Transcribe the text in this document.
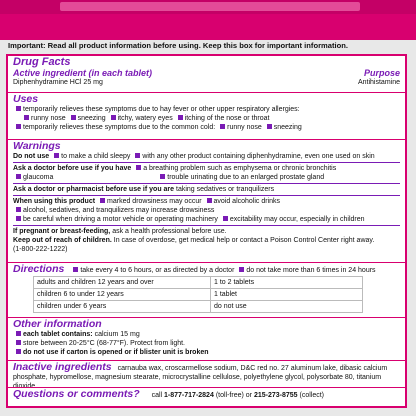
Important: Read all product information before using. Keep this box for important information.
Drug Facts
Active ingredient (in each tablet)	Purpose
Diphenhydramine HCl 25 mg	Antihistamine
Uses
temporarily relieves these symptoms due to hay fever or other upper respiratory allergies:
runny nose sneezing itchy, watery eyes itching of the nose or throat
temporarily relieves these symptoms due to the common cold: runny nose sneezing
Warnings
Do not use to make a child sleepy with any other product containing diphenhydramine, even one used on skin
Ask a doctor before use if you have a breathing problem such as emphysema or chronic bronchitis
glaucoma	trouble urinating due to an enlarged prostate gland
Ask a doctor or pharmacist before use if you are taking sedatives or tranquilizers
When using this product marked drowsiness may occur avoid alcoholic drinks
alcohol, sedatives, and tranquilizers may increase drowsiness
be careful when driving a motor vehicle or operating machinery excitability may occur, especially in children
If pregnant or breast-feeding, ask a health professional before use.
Keep out of reach of children. In case of overdose, get medical help or contact a Poison Control Center right away.
(1-800-222-1222)
Directions take every 4 to 6 hours, or as directed by a doctor do not take more than 6 times in 24 hours
adults and children 12 years and over	1 to 2 tablets
children 6 to under 12 years	1 tablet
children under 6 years	do not use
Other information
each tablet contains: calcium 15 mg
store between 20-25°C (68-77°F). Protect from light.
do not use if carton is opened or if blister unit is broken
Inactive ingredients carnauba wax, croscarmellose sodium, D&C red no. 27 aluminum lake, dibasic calcium
phosphate, hypromellose, magnesium stearate, microcrystalline cellulose, polyethylene glycol, polysorbate 80, titanium dioxide
Questions or comments? call 1-877-717-2824 (toll-free) or 215-273-8755 (collect)
